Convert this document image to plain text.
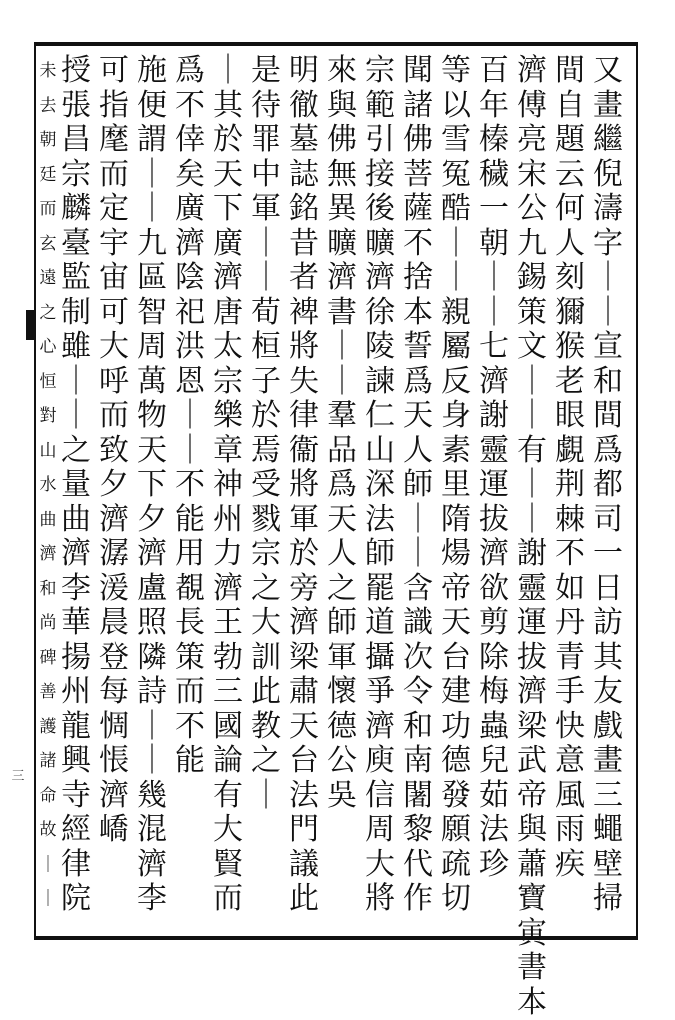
又畫繼倪濤字｜｜宣和間爲都司一日訪其友戲畫三蠅壁掃
間自題云何人刻獮猴老眼覷荆棘不如丹青手快意風雨疾
濟傅亮宋公九錫策文｜｜有｜｜謝靈運拔濟梁武帝與蕭寶寅書本
百年榛穢一朝｜｜七濟謝靈運拔濟欲剪除梅蟲兒茹法珍
等以雪冤酷｜｜親屬反身素里隋煬帝天台建功德發願疏切
聞諸佛菩薩不捨本誓爲天人師｜｜含識次令和南闍黎代作
宗範引接後曠濟徐陵諫仁山深法師罷道攝爭濟庾信周大將
來與佛無異曠濟書｜｜羣品爲天人之師軍懷德公吳
明徹墓誌銘昔者裨將失律衞將軍於旁濟梁肅天台法門議此
是待罪中軍｜｜荀桓子於焉受戮宗之大訓此教之｜
｜其於天下廣濟唐太宗樂章神州力濟王勃三國論有大賢而
爲不倖矣廣濟陰祀洪恩｜｜不能用覩長策而不能
施便謂｜｜九區智周萬物天下夕濟盧照隣詩｜｜幾混濟李
可指麾而定宇宙可大呼而致夕濟潺湲晨登每惆悵濟嶠
授張昌宗麟臺監制雖｜｜之量曲濟李華揚州龍興寺經律院
未去朝廷而玄遠之心恒對山水曲濟和尚碑善護諸命故｜｜
三
